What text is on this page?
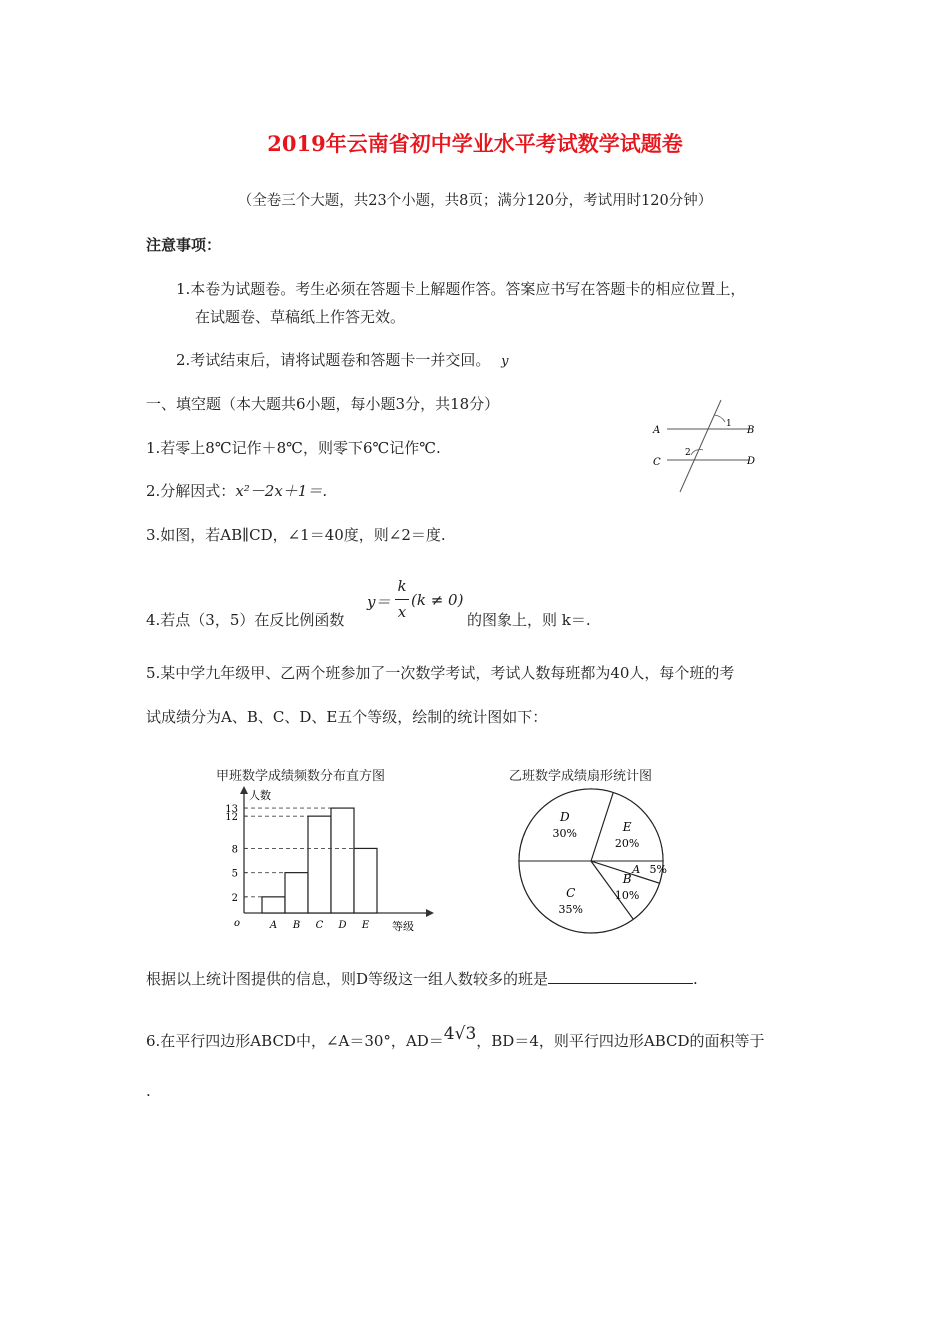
2019年云南省初中学业水平考试数学试题卷
（全卷三个大题，共23个小题，共8页；满分120分，考试用时120分钟）
注意事项：
1.本卷为试题卷。考生必须在答题卡上解题作答。答案应书写在答题卡的相应位置上，
在试题卷、草稿纸上作答无效。
2.考试结束后，请将试题卷和答题卡一并交回。 y
一、填空题（本大题共6小题，每小题3分，共18分）
1.若零上8℃记作＋8℃，则零下6℃记作℃.
2.分解因式：x²－2x＋1＝.
3.如图，若AB∥CD，∠1＝40度，则∠2＝度.
A	B
C	D
1
2
4.若点（3，5）在反比例函数
y＝
k
x
(k ≠ 0)
的图象上，则 k＝.
5.某中学九年级甲、乙两个班参加了一次数学考试，考试人数每班都为40人，每个班的考
试成绩分为A、B、C、D、E五个等级，绘制的统计图如下：
甲班数学成绩频数分布直方图
人数
等级
o
2
5
8
12
13
A B C D E
乙班数学成绩扇形统计图
C
35%
B
10%
A 5%
E
20%
D
30%
根据以上统计图提供的信息，则D等级这一组人数较多的班是	.
6.在平行四边形ABCD中，∠A＝30°，AD＝4√3，BD＝4，则平行四边形ABCD的面积等于
.
